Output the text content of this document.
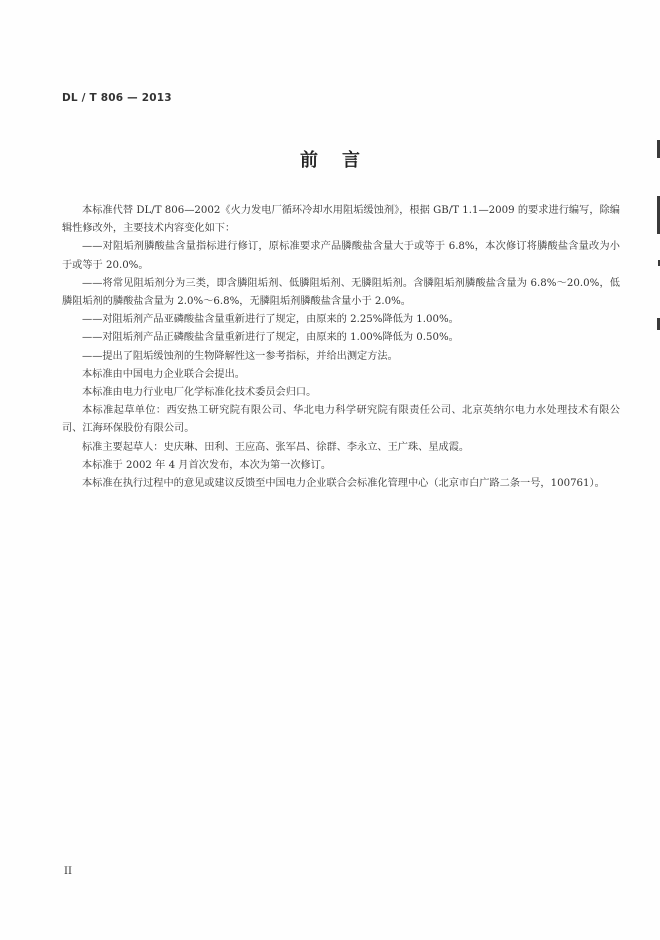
DL / T 806 — 2013
前言

本标准代替 DL/T 806—2002《火力发电厂循环冷却水用阻垢缓蚀剂》，根据 GB/T 1.1—2009 的要求进行编写，除编辑性修改外，主要技术内容变化如下：

——对阻垢剂膦酸盐含量指标进行修订，原标准要求产品膦酸盐含量大于或等于 6.8%，本次修订将膦酸盐含量改为小于或等于 20.0%。

——将常见阻垢剂分为三类，即含膦阻垢剂、低膦阻垢剂、无膦阻垢剂。含膦阻垢剂膦酸盐含量为 6.8%～20.0%，低膦阻垢剂的膦酸盐含量为 2.0%～6.8%，无膦阻垢剂膦酸盐含量小于 2.0%。

——对阻垢剂产品亚磷酸盐含量重新进行了规定，由原来的 2.25%降低为 1.00%。

——对阻垢剂产品正磷酸盐含量重新进行了规定，由原来的 1.00%降低为 0.50%。

——提出了阻垢缓蚀剂的生物降解性这一参考指标，并给出测定方法。

本标准由中国电力企业联合会提出。

本标准由电力行业电厂化学标准化技术委员会归口。

本标准起草单位：西安热工研究院有限公司、华北电力科学研究院有限责任公司、北京英纳尔电力水处理技术有限公司、江海环保股份有限公司。

标准主要起草人：史庆琳、田利、王应高、张军昌、徐群、李永立、王广珠、星成霞。

本标准于 2002 年 4 月首次发布，本次为第一次修订。

本标准在执行过程中的意见或建议反馈至中国电力企业联合会标准化管理中心（北京市白广路二条一号，100761）。

II
